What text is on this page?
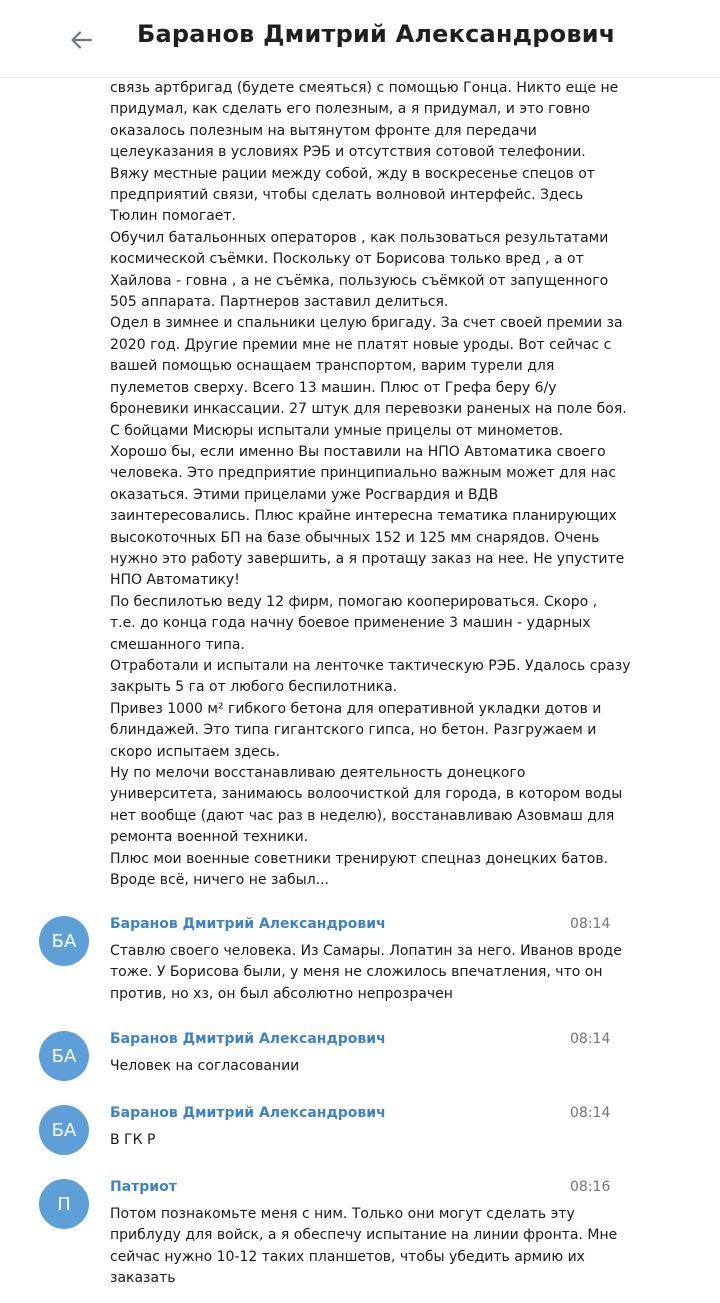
Баранов Дмитрий Александрович
связь артбригад (будете смеяться) с помощью Гонца. Никто еще не
придумал, как сделать его полезным, а я придумал, и это говно
оказалось полезным на вытянутом фронте для передачи
целеуказания в условиях РЭБ и отсутствия сотовой телефонии.
Вяжу местные рации между собой, жду в воскресенье спецов от
предприятий связи, чтобы сделать волновой интерфейс. Здесь
Тюлин помогает.
Обучил батальонных операторов , как пользоваться результатами
космической съёмки. Поскольку от Борисова только вред , а от
Хайлова - говна , а не съёмка, пользуюсь съёмкой от запущенного
505 аппарата. Партнеров заставил делиться.
Одел в зимнее и спальники целую бригаду. За счет своей премии за
2020 год. Другие премии мне не платят новые уроды. Вот сейчас с
вашей помощью оснащаем транспортом, варим турели для
пулеметов сверху. Всего 13 машин. Плюс от Грефа беру 6/у
броневики инкассации. 27 штук для перевозки раненых на поле боя.
С бойцами Мисюры испытали умные прицелы от минометов.
Хорошо бы, если именно Вы поставили на НПО Автоматика своего
человека. Это предприятие принципиально важным может для нас
оказаться. Этими прицелами уже Росгвардия и ВДВ
заинтересовались. Плюс крайне интересна тематика планирующих
высокоточных БП на базе обычных 152 и 125 мм снарядов. Очень
нужно это работу завершить, а я протащу заказ на нее. Не упустите
НПО Автоматику!
По беспилотью веду 12 фирм, помогаю кооперироваться. Скоро ,
т.е. до конца года начну боевое применение 3 машин - ударных
смешанного типа.
Отработали и испытали на ленточке тактическую РЭБ. Удалось сразу
закрыть 5 га от любого беспилотника.
Привез 1000 м² гибкого бетона для оперативной укладки дотов и
блиндажей. Это типа гигантского гипса, но бетон. Разгружаем и
скоро испытаем здесь.
Ну по мелочи восстанавливаю деятельность донецкого
университета, занимаюсь волоочисткой для города, в котором воды
нет вообще (дают час раз в неделю), восстанавливаю Азовмаш для
ремонта военной техники.
Плюс мои военные советники тренируют спецназ донецких батов.
Вроде всё, ничего не забыл...
БА
Баранов Дмитрий Александрович	08:14
Ставлю своего человека. Из Самары. Лопатин за него. Иванов вроде
тоже. У Борисова были, у меня не сложилось впечатления, что он
против, но хз, он был абсолютно непрозрачен
БА
Баранов Дмитрий Александрович	08:14
Человек на согласовании
БА
Баранов Дмитрий Александрович	08:14
В ГК Р
П
Патриот	08:16
Потом познакомьте меня с ним. Только они могут сделать эту
приблуду для войск, а я обеспечу испытание на линии фронта. Мне
сейчас нужно 10-12 таких планшетов, чтобы убедить армию их
заказать
